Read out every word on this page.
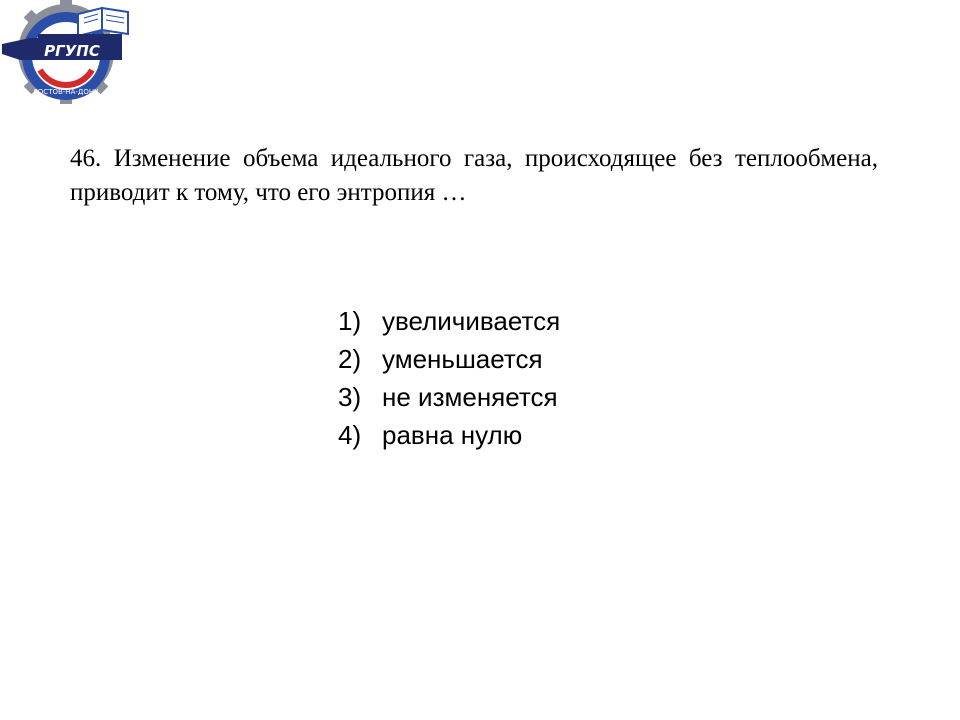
РОСТОВ-НА-ДОНУ
РГУПС

46. Изменение объема идеального газа, происходящее без теплообмена, приводит к тому, что его энтропия …

1) увеличивается
2) уменьшается
3) не изменяется
4) равна нулю
